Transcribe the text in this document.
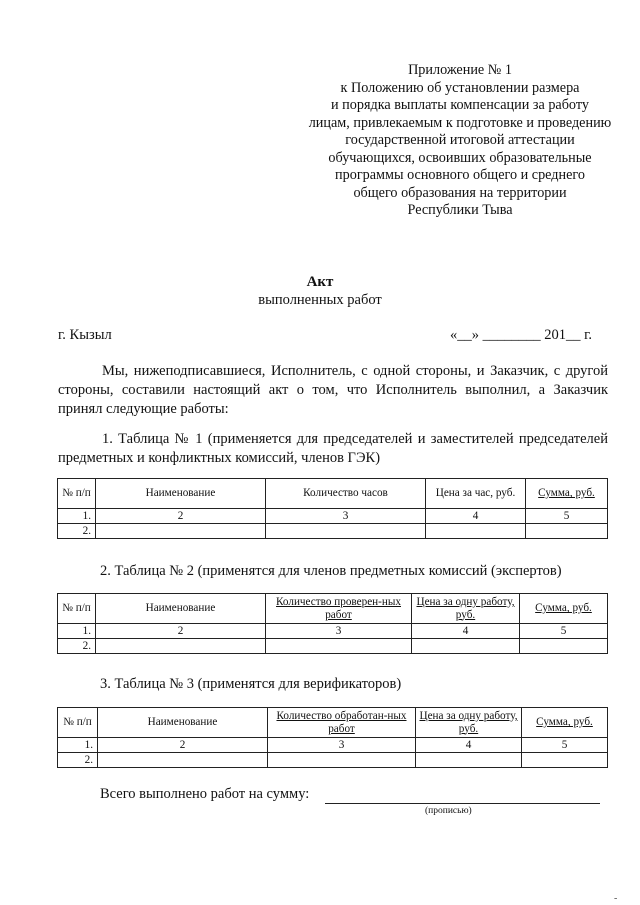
Приложение № 1
к Положению об установлении размера
и порядка выплаты компенсации за работу
лицам, привлекаемым к подготовке и проведению
государственной итоговой аттестации
обучающихся, освоивших образовательные
программы основного общего и среднего
общего образования на территории
Республики Тыва
Акт
выполненных работ
г. Кызыл	«__» ________ 201__ г.
Мы, нижеподписавшиеся, Исполнитель, с одной стороны, и Заказчик, с другой стороны, составили настоящий акт о том, что Исполнитель выполнил, а Заказчик принял следующие работы:
1. Таблица № 1 (применяется для председателей и заместителей председателей предметных и конфликтных комиссий, членов ГЭК)
№ п/п	Наименование	Количество часов	Цена за час, руб.	Сумма, руб.
1.	2	3	4	5
2.				
2. Таблица № 2 (применятся для членов предметных комиссий (экспертов)
№ п/п	Наименование	Количество проверен-ных работ	Цена за одну работу, руб.	Сумма, руб.
1.	2	3	4	5
2.				
3. Таблица № 3 (применятся для верификаторов)
№ п/п	Наименование	Количество обработан-ных работ	Цена за одну работу, руб.	Сумма, руб.
1.	2	3	4	5
2.				
Всего выполнено работ на сумму:
(прописью)
-
